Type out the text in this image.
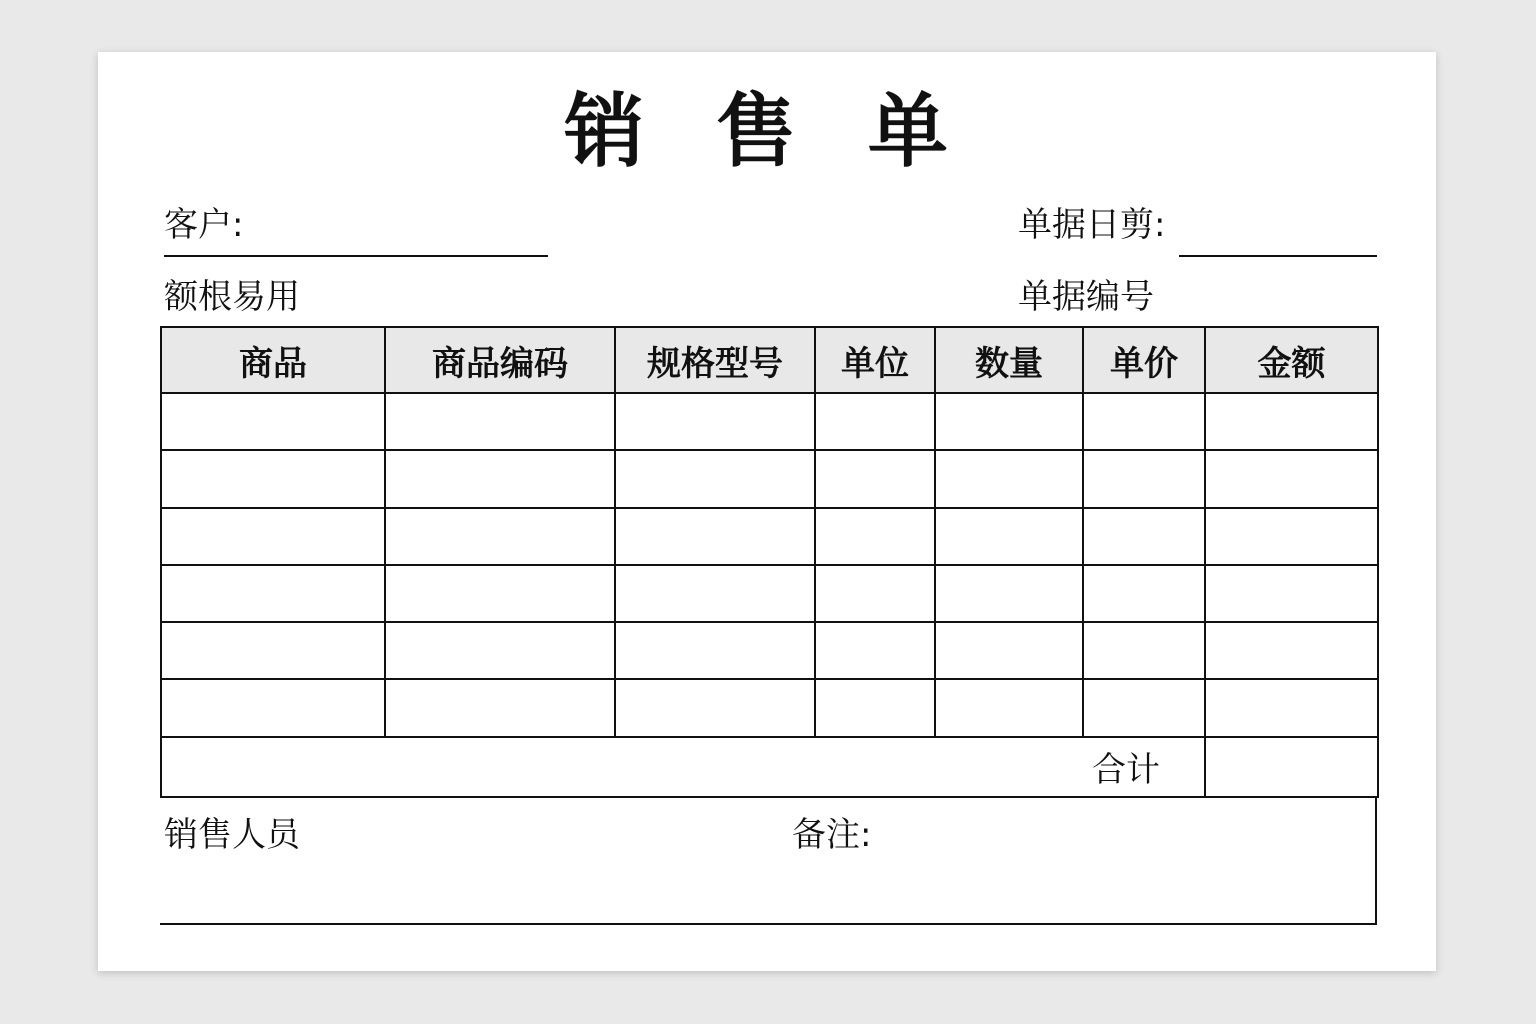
销 售 单
客户:	单据日剪:
额根易用	单据编号
商品	商品编码	规格型号	单位	数量	单价	金额

合计						
销售人员	备注:
